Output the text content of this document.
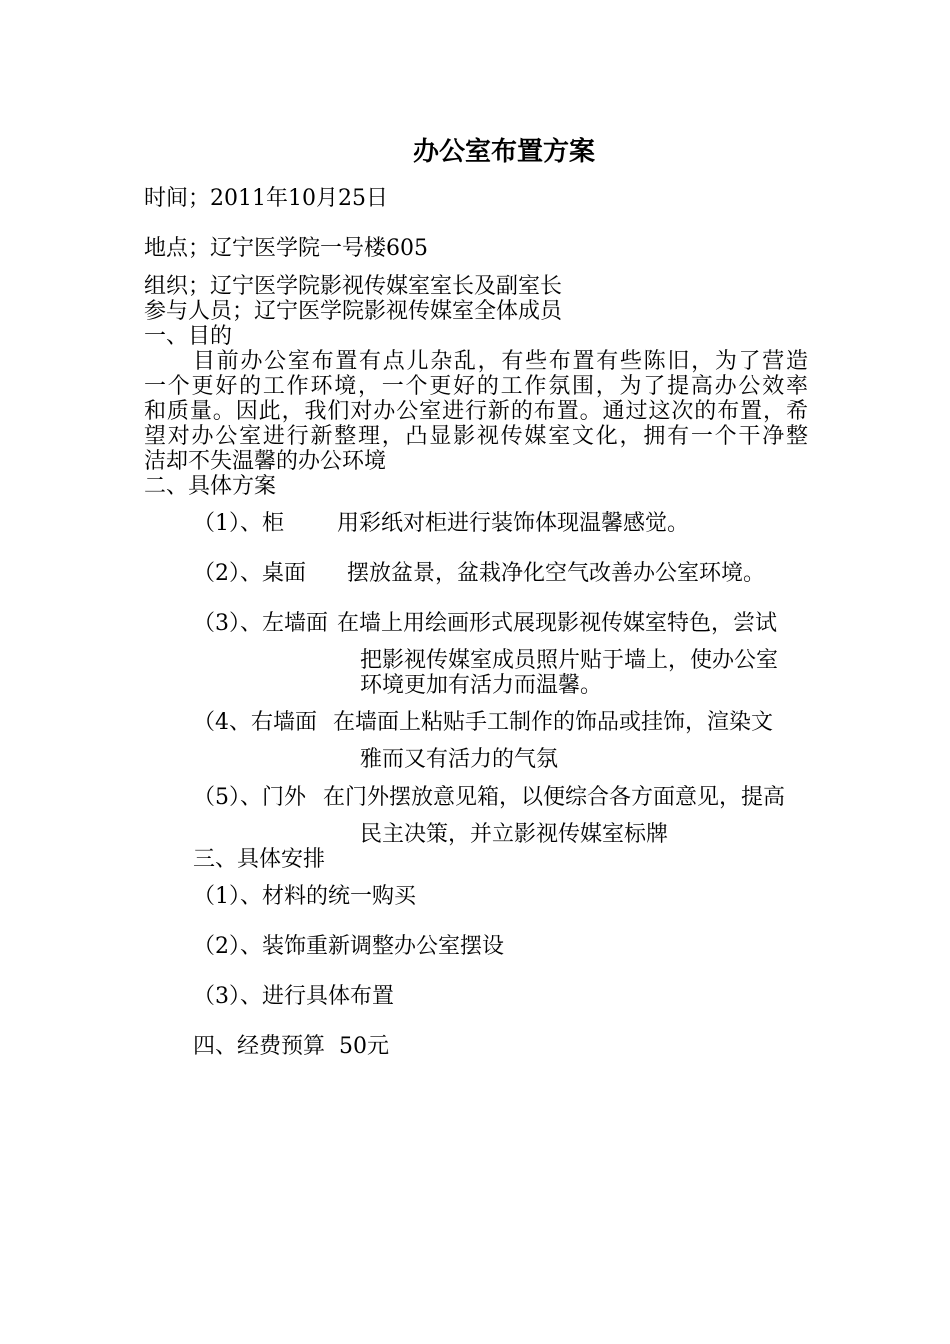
办公室布置方案
时间；2011年10月25日
地点；辽宁医学院一号楼605
组织；辽宁医学院影视传媒室室长及副室长
参与人员；辽宁医学院影视传媒室全体成员
一、目的
目前办公室布置有点儿杂乱，有些布置有些陈旧，为了营造
一个更好的工作环境，一个更好的工作氛围，为了提高办公效率
和质量。因此，我们对办公室进行新的布置。通过这次的布置，希
望对办公室进行新整理，凸显影视传媒室文化，拥有一个干净整
洁却不失温馨的办公环境
二、具体方案
（1）、柜 用彩纸对柜进行装饰体现温馨感觉。
（2）、桌面 摆放盆景，盆栽净化空气改善办公室环境。
（3）、左墙面 在墙上用绘画形式展现影视传媒室特色，尝试
把影视传媒室成员照片贴于墙上，使办公室
环境更加有活力而温馨。
（4、右墙面 在墙面上粘贴手工制作的饰品或挂饰，渲染文
雅而又有活力的气氛
（5）、门外 在门外摆放意见箱，以便综合各方面意见，提高
民主决策，并立影视传媒室标牌
三、具体安排
（1）、材料的统一购买
（2）、装饰重新调整办公室摆设
（3）、进行具体布置
四、经费预算  50元
